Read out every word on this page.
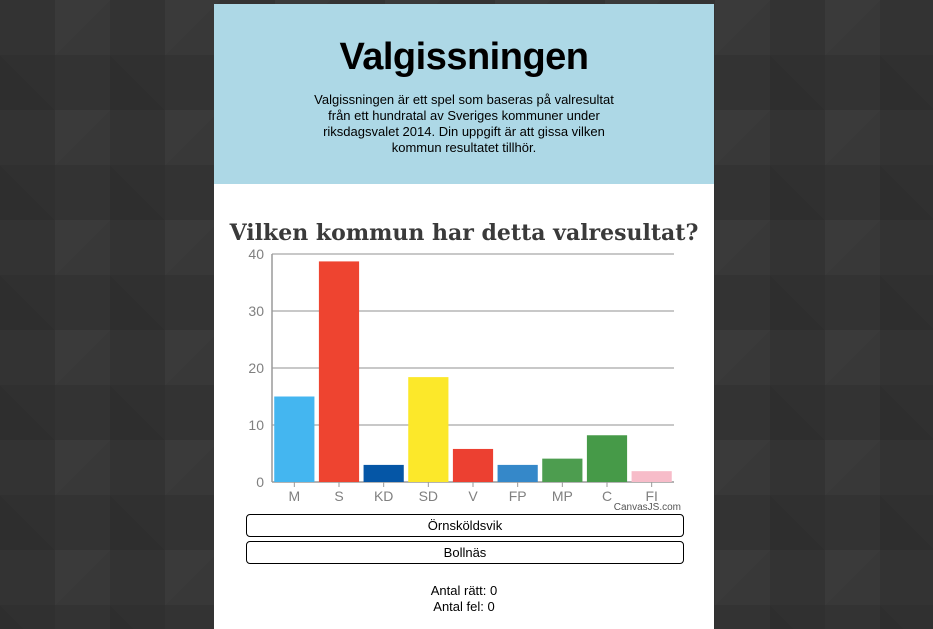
Valgissningen

Valgissningen är ett spel som baseras på valresultat från ett hundratal av Sveriges kommuner under riksdagsvalet 2014. Din uppgift är att gissa vilken kommun resultatet tillhör.

Vilken kommun har detta valresultat?
0
10
20
30
40
M S KD SD V FP MP C FI
CanvasJS.com
Örnsköldsvik
Bollnäs
Antal rätt: 0
Antal fel: 0
